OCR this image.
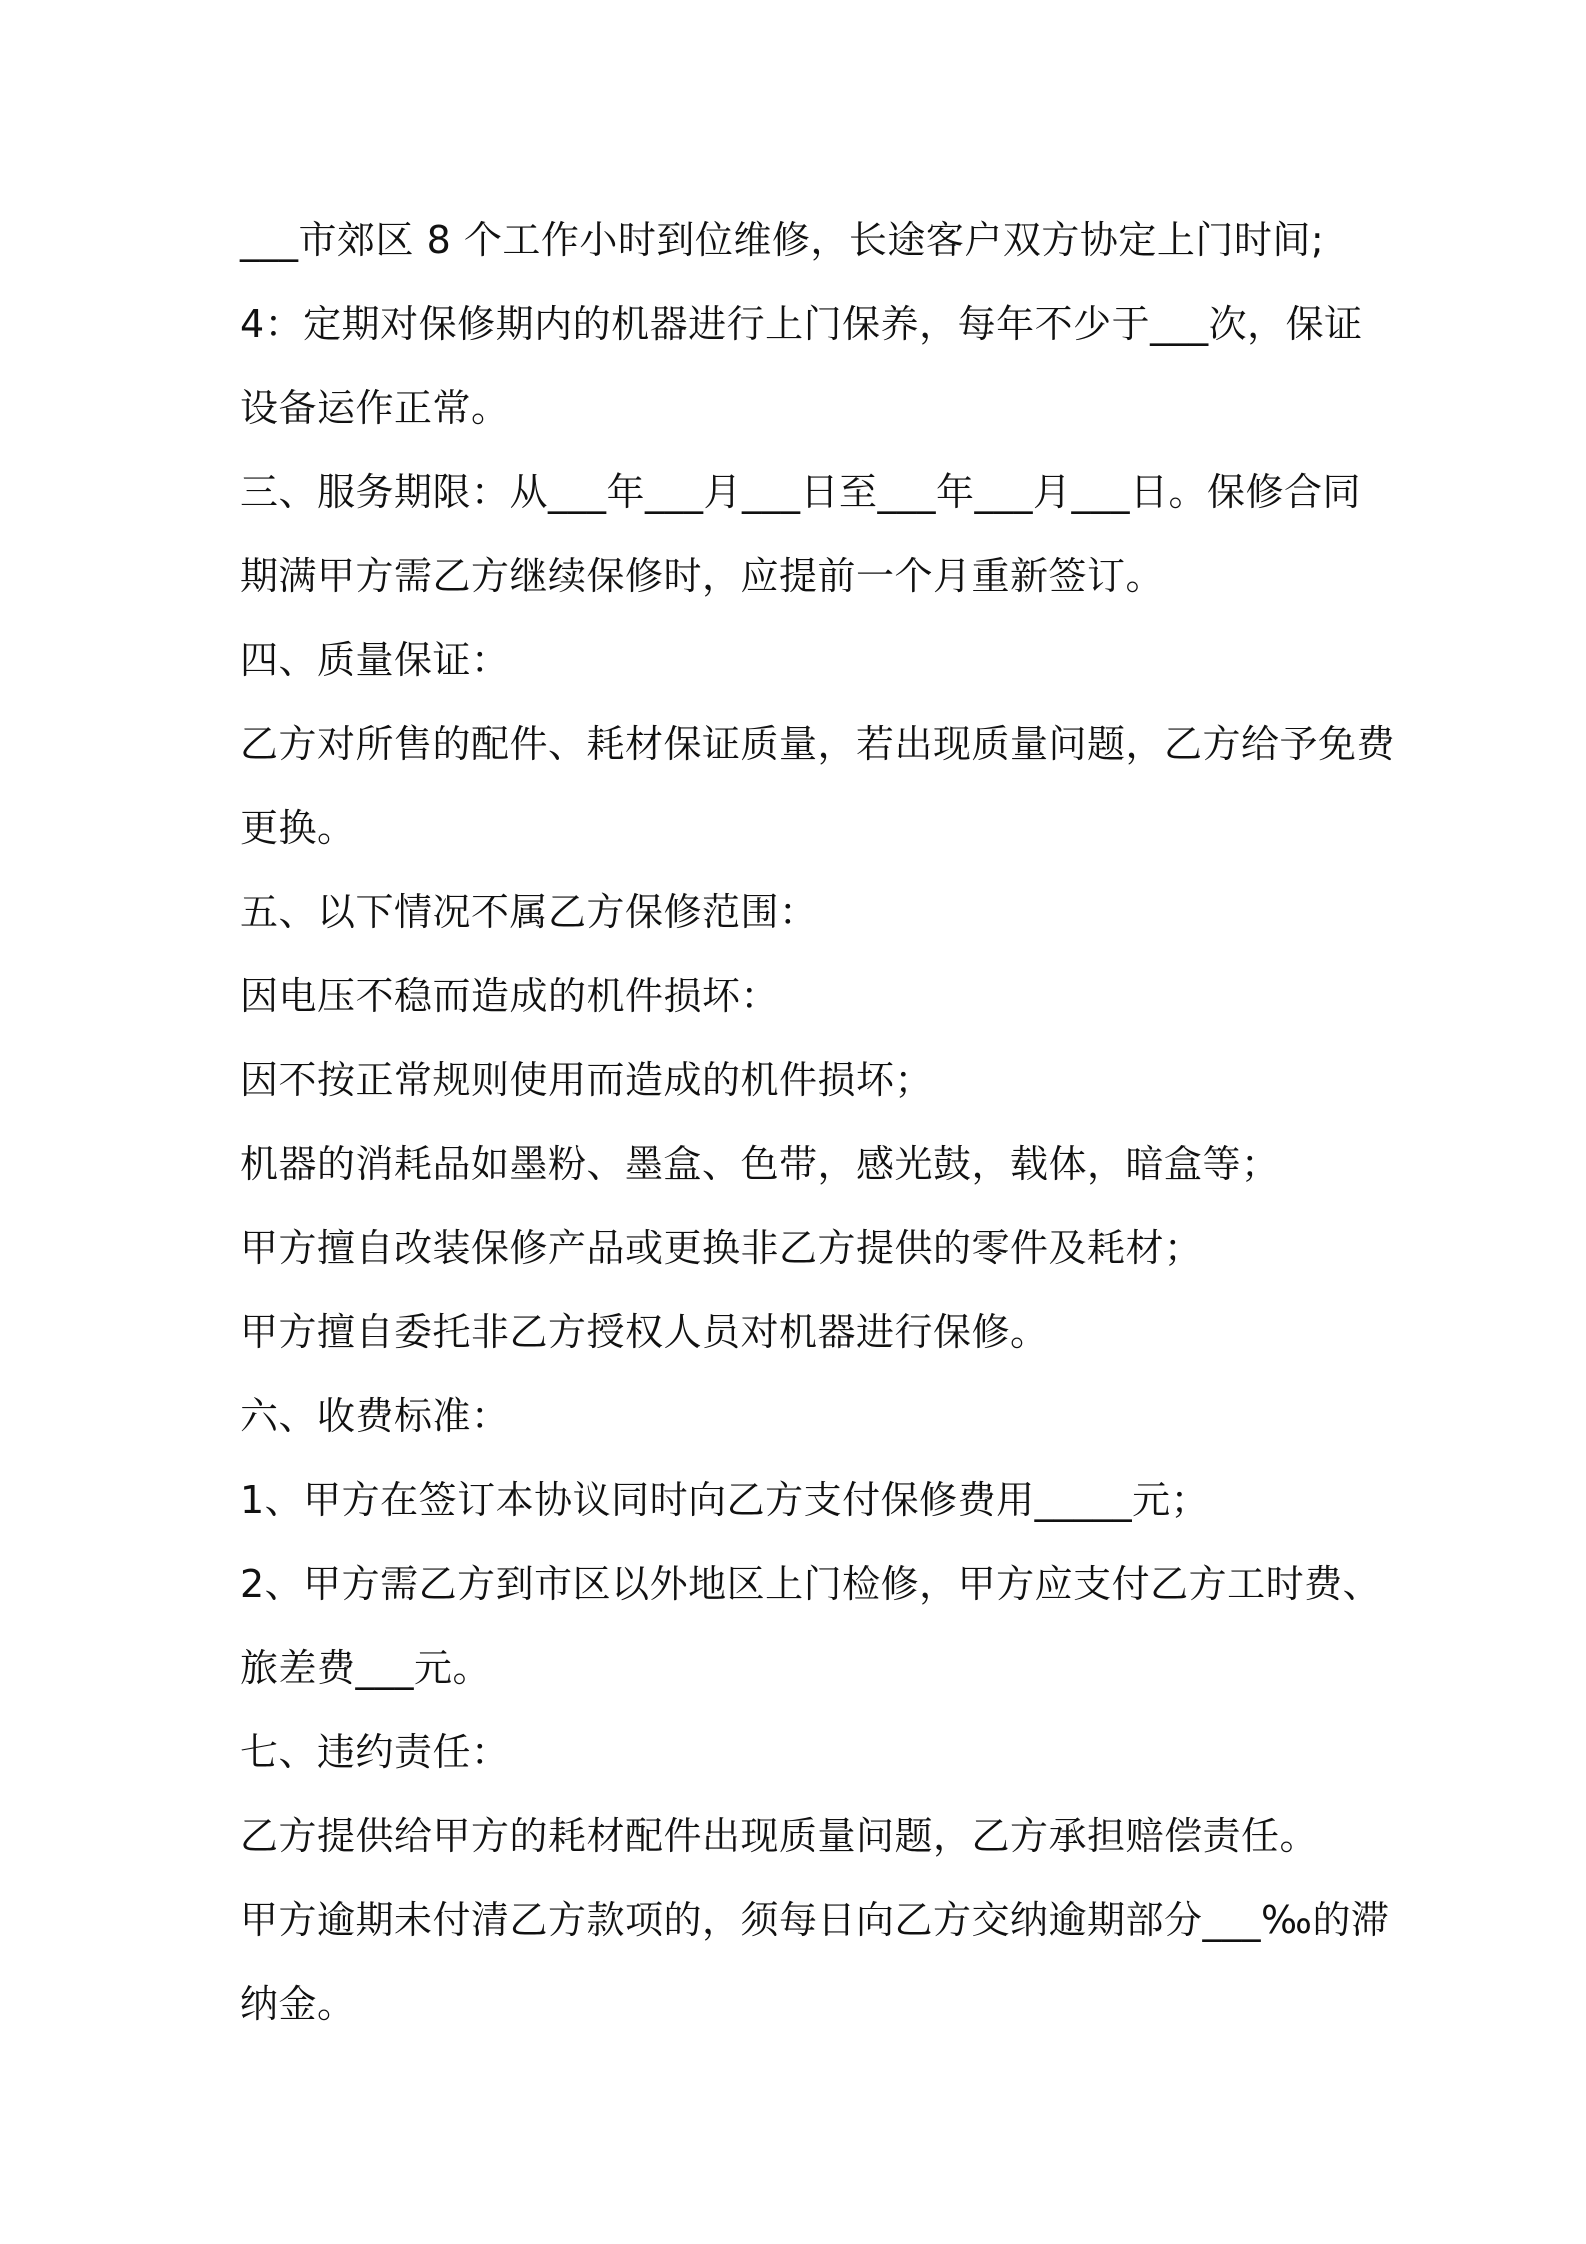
___市郊区 8 个工作小时到位维修，长途客户双方协定上门时间;
4：定期对保修期内的机器进行上门保养，每年不少于___次，保证
设备运作正常。
三、服务期限：从___年___月___日至___年___月___日。保修合同
期满甲方需乙方继续保修时，应提前一个月重新签订。
四、质量保证：
乙方对所售的配件、耗材保证质量，若出现质量问题，乙方给予免费
更换。
五、以下情况不属乙方保修范围：
因电压不稳而造成的机件损坏：
因不按正常规则使用而造成的机件损坏；
机器的消耗品如墨粉、墨盒、色带，感光鼓，载体，暗盒等；
甲方擅自改装保修产品或更换非乙方提供的零件及耗材；
甲方擅自委托非乙方授权人员对机器进行保修。
六、收费标准：
1、甲方在签订本协议同时向乙方支付保修费用_____元；
2、甲方需乙方到市区以外地区上门检修，甲方应支付乙方工时费、
旅差费___元。
七、违约责任：
乙方提供给甲方的耗材配件出现质量问题，乙方承担赔偿责任。
甲方逾期未付清乙方款项的，须每日向乙方交纳逾期部分___‰的滞
纳金。
